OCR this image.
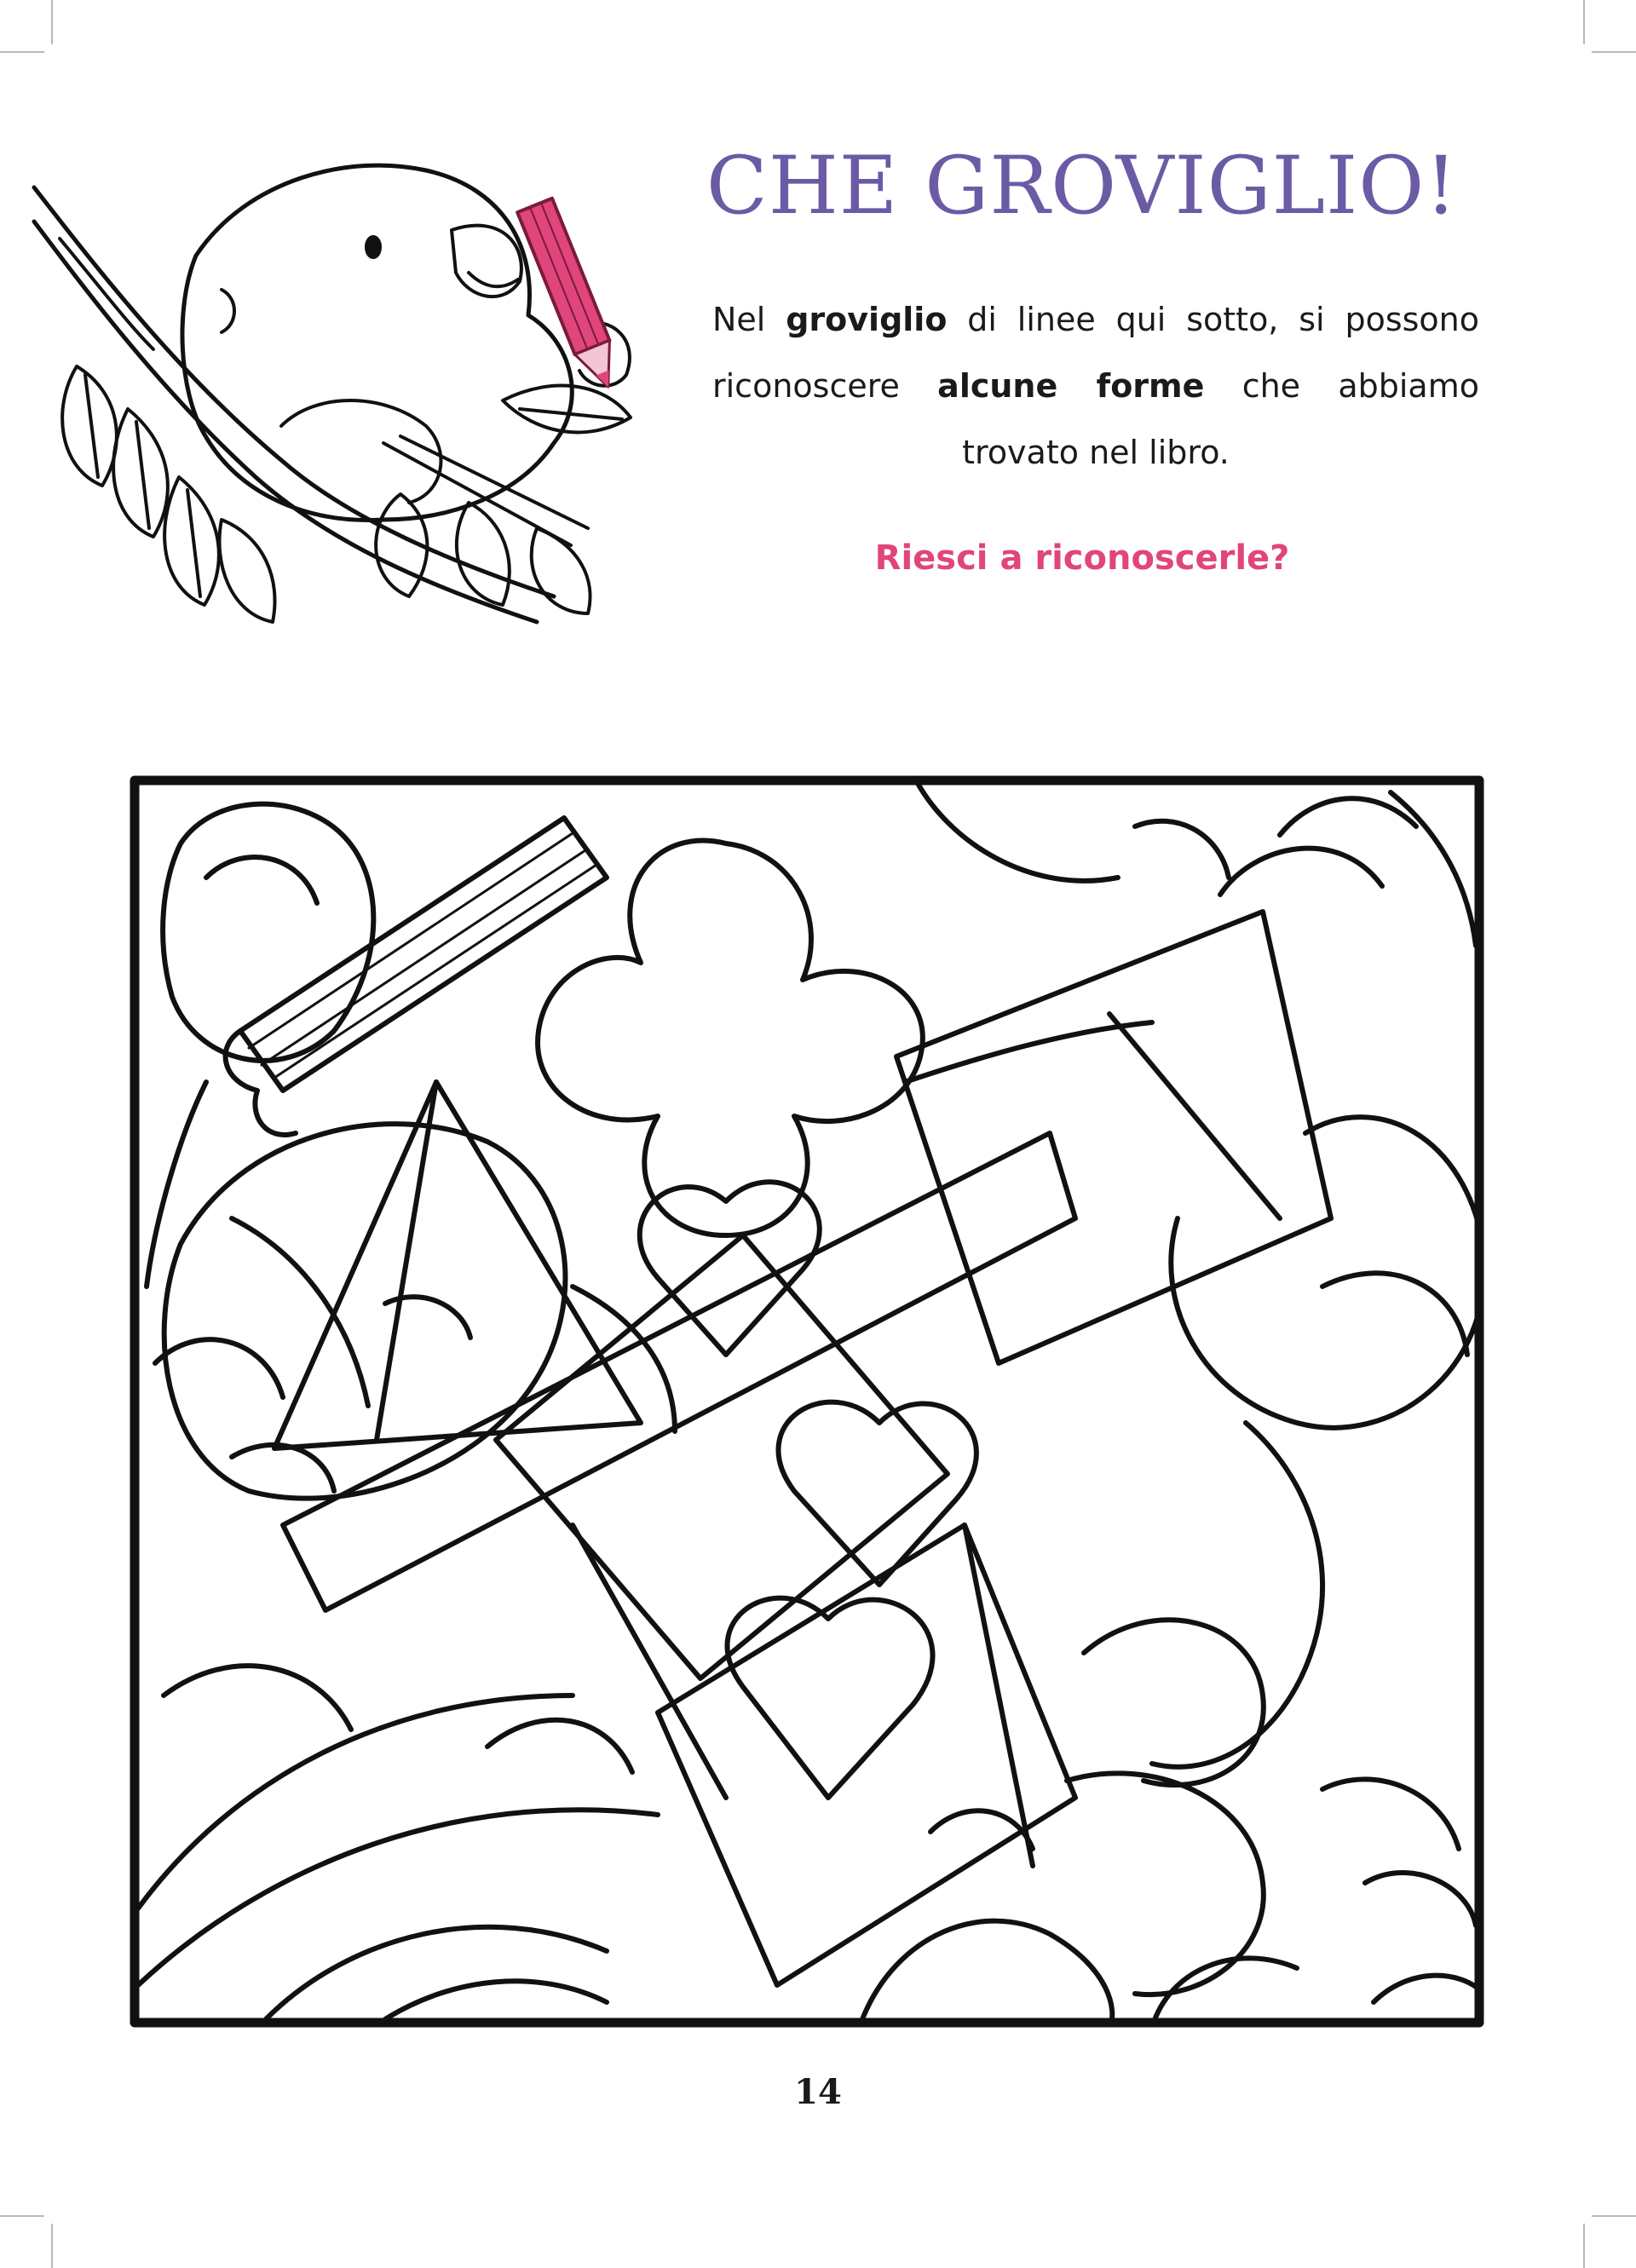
CHE GROVIGLIO!
Nel groviglio di linee qui sotto, si possono riconoscere alcune forme che abbiamo trovato nel libro.
Riesci a riconoscerle?
14
